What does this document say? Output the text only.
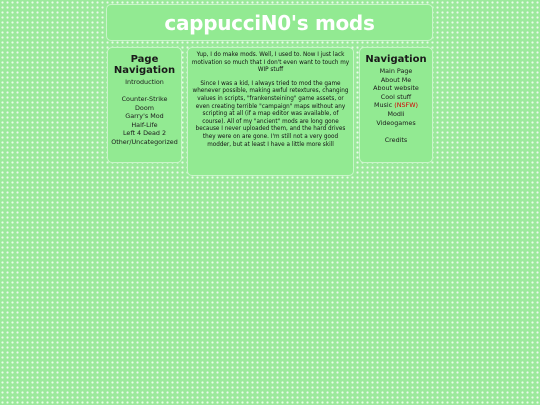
cappucciN0's mods
Page Navigation
Introduction
Counter-Strike
Doom
Garry's Mod
Half-Life
Left 4 Dead 2
Other/Uncategorized

Yup, I do make mods. Well, I used to. Now I just lack motivation so much that I don't even want to touch my WIP stuff

Since I was a kid, I always tried to mod the game whenever possible, making awful retextures, changing values in scripts, "frankensteining" game assets, or even creating terrible "campaign" maps without any scripting at all (if a map editor was available, of course). All of my "ancient" mods are long gone because I never uploaded them, and the hard drives they were on are gone. I'm still not a very good modder, but at least I have a little more skill

Navigation
Main Page
About Me
About website
Cool stuff
Music (NSFW)
Modli
Videogames
Credits
